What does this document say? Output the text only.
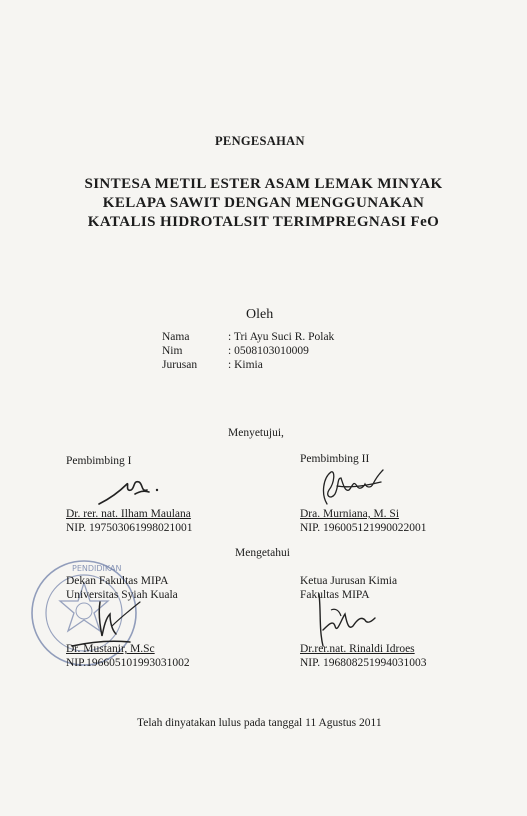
PENGESAHAN
SINTESA METIL ESTER ASAM LEMAK MINYAK
KELAPA SAWIT DENGAN MENGGUNAKAN
KATALIS HIDROTALSIT TERIMPREGNASI FeO
Oleh
Nama	: Tri Ayu Suci R. Polak
Nim	: 0508103010009
Jurusan	: Kimia
Menyetujui,
Pembimbing I
Dr. rer. nat. Ilham Maulana
NIP. 197503061998021001
Pembimbing II
Dra. Murniana, M. Si
NIP. 196005121990022001
Mengetahui
PENDIDIKAN
Dekan Fakultas MIPA
Universitas Syiah Kuala
Dr. Mustanir, M.Sc
NIP.196605101993031002
Ketua Jurusan Kimia
Fakultas MIPA
Dr.rer.nat. Rinaldi Idroes
NIP. 196808251994031003
Telah dinyatakan lulus pada tanggal 11 Agustus 2011
